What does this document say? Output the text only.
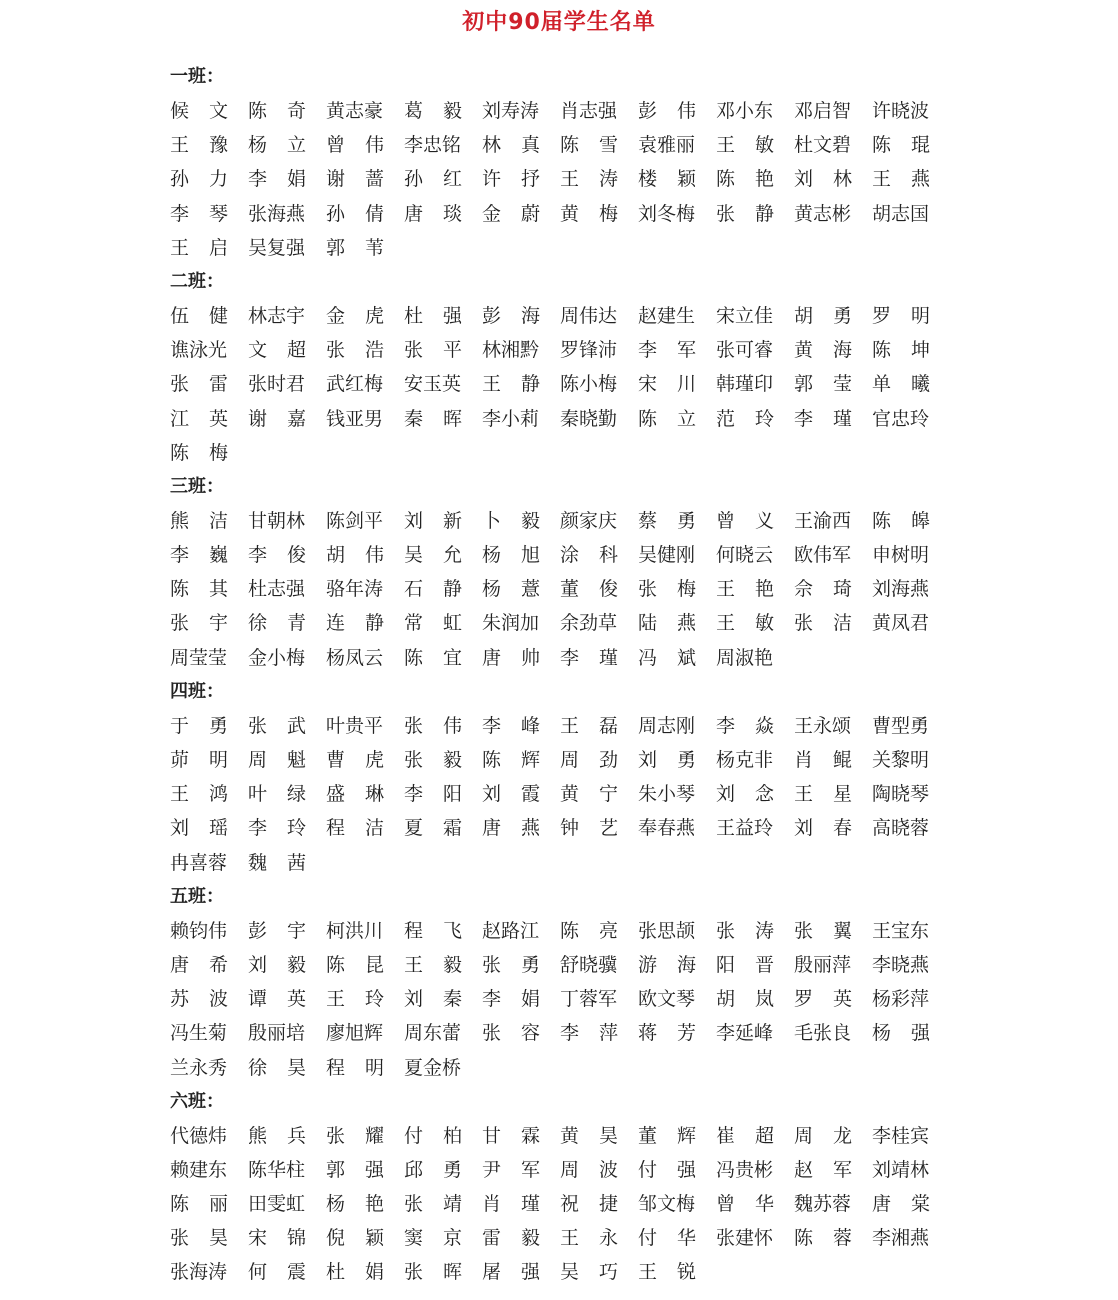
初中90届学生名单
一班：
候 文 陈 奇 黄志豪 葛 毅 刘寿涛 肖志强 彭 伟 邓小东 邓启智 许晓波
王 豫 杨 立 曾 伟 李忠铭 林 真 陈 雪 袁雅丽 王 敏 杜文碧 陈 琨
孙 力 李 娟 谢 蔷 孙 红 许 抒 王 涛 楼 颖 陈 艳 刘 林 王 燕
李 琴 张海燕 孙 倩 唐 琰 金 蔚 黄 梅 刘冬梅 张 静 黄志彬 胡志国
王 启 吴复强 郭 苇
二班：
伍 健 林志宇 金 虎 杜 强 彭 海 周伟达 赵建生 宋立佳 胡 勇 罗 明
谯泳光 文 超 张 浩 张 平 林湘黔 罗锋沛 李 军 张可睿 黄 海 陈 坤
张 雷 张时君 武红梅 安玉英 王 静 陈小梅 宋 川 韩瑾印 郭 莹 单 曦
江 英 谢 嘉 钱亚男 秦 晖 李小莉 秦晓勤 陈 立 范 玲 李 瑾 官忠玲
陈 梅
三班：
熊 洁 甘朝林 陈剑平 刘 新 卜 毅 颜家庆 蔡 勇 曾 义 王渝西 陈 皞
李 巍 李 俊 胡 伟 吴 允 杨 旭 涂 科 吴健刚 何晓云 欧伟军 申树明
陈 其 杜志强 骆年涛 石 静 杨 薏 董 俊 张 梅 王 艳 佘 琦 刘海燕
张 宇 徐 青 连 静 常 虹 朱润加 余劲草 陆 燕 王 敏 张 洁 黄凤君
周莹莹 金小梅 杨凤云 陈 宜 唐 帅 李 瑾 冯 斌 周淑艳
四班：
于 勇 张 武 叶贵平 张 伟 李 峰 王 磊 周志刚 李 焱 王永颂 曹型勇
茆 明 周 魁 曹 虎 张 毅 陈 辉 周 劲 刘 勇 杨克非 肖 鲲 关黎明
王 鸿 叶 绿 盛 琳 李 阳 刘 霞 黄 宁 朱小琴 刘 念 王 星 陶晓琴
刘 瑶 李 玲 程 洁 夏 霜 唐 燕 钟 艺 奉春燕 王益玲 刘 春 高晓蓉
冉喜蓉 魏 茜
五班：
赖钧伟 彭 宇 柯洪川 程 飞 赵路江 陈 亮 张思颉 张 涛 张 翼 王宝东
唐 希 刘 毅 陈 昆 王 毅 张 勇 舒晓骥 游 海 阳 晋 殷丽萍 李晓燕
苏 波 谭 英 王 玲 刘 秦 李 娟 丁蓉军 欧文琴 胡 岚 罗 英 杨彩萍
冯生菊 殷丽培 廖旭辉 周东蕾 张 容 李 萍 蒋 芳 李延峰 毛张良 杨 强
兰永秀 徐 昊 程 明 夏金桥
六班：
代德炜 熊 兵 张 耀 付 柏 甘 霖 黄 昊 董 辉 崔 超 周 龙 李桂宾
赖建东 陈华柱 郭 强 邱 勇 尹 军 周 波 付 强 冯贵彬 赵 军 刘靖林
陈 丽 田雯虹 杨 艳 张 靖 肖 瑾 祝 捷 邹文梅 曾 华 魏苏蓉 唐 棠
张 昊 宋 锦 倪 颖 窦 京 雷 毅 王 永 付 华 张建怀 陈 蓉 李湘燕
张海涛 何 震 杜 娟 张 晖 屠 强 吴 巧 王 锐
